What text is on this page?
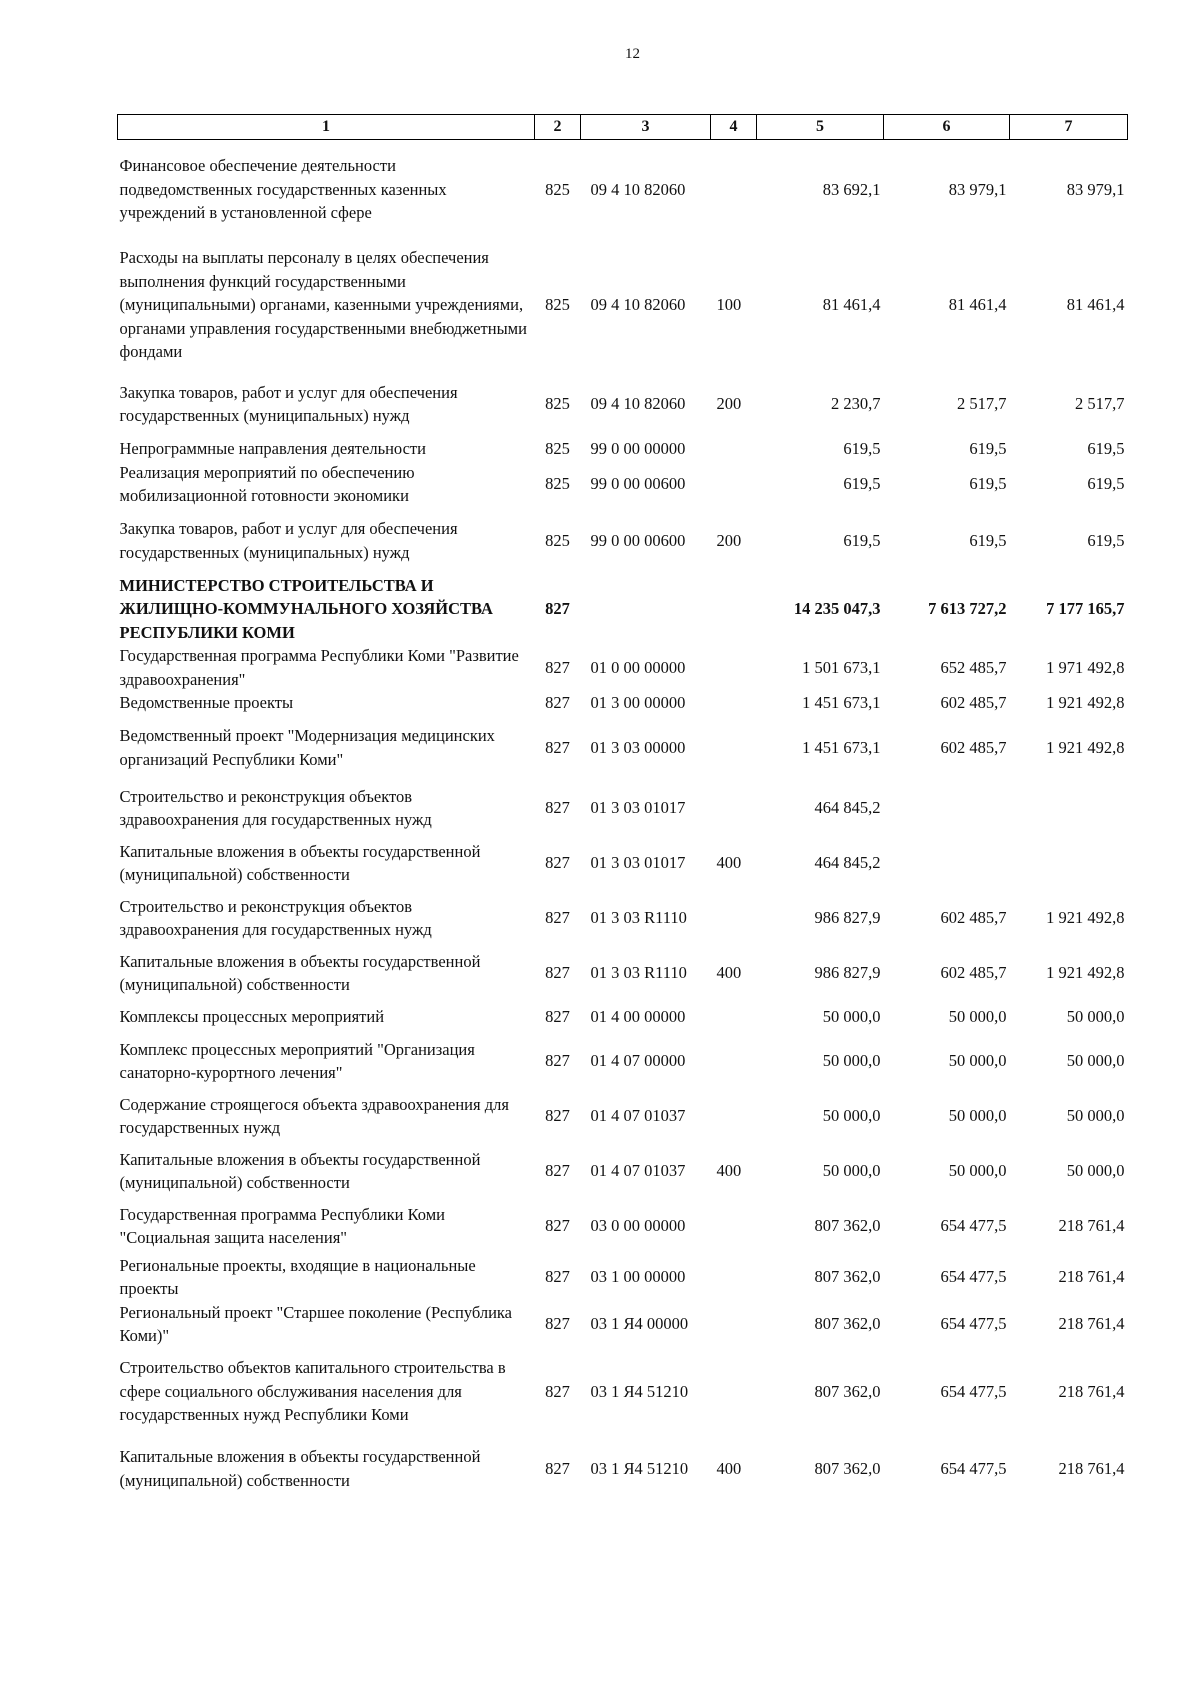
12
1	2	3	4	5	6	7
Финансовое обеспечение деятельности подведомственных государственных казенных учреждений в установленной сфере	825	09 4 10 82060		83 692,1	83 979,1	83 979,1
Расходы на выплаты персоналу в целях обеспечения выполнения функций государственными (муниципальными) органами, казенными учреждениями, органами управления государственными внебюджетными фондами	825	09 4 10 82060	100	81 461,4	81 461,4	81 461,4
Закупка товаров, работ и услуг для обеспечения государственных (муниципальных) нужд	825	09 4 10 82060	200	2 230,7	2 517,7	2 517,7
Непрограммные направления деятельности	825	99 0 00 00000		619,5	619,5	619,5
Реализация мероприятий по обеспечению мобилизационной готовности экономики	825	99 0 00 00600		619,5	619,5	619,5
Закупка товаров, работ и услуг для обеспечения государственных (муниципальных) нужд	825	99 0 00 00600	200	619,5	619,5	619,5
МИНИСТЕРСТВО СТРОИТЕЛЬСТВА И ЖИЛИЩНО-КОММУНАЛЬНОГО ХОЗЯЙСТВА РЕСПУБЛИКИ КОМИ	827			14 235 047,3	7 613 727,2	7 177 165,7
Государственная программа Республики Коми "Развитие здравоохранения"	827	01 0 00 00000		1 501 673,1	652 485,7	1 971 492,8
Ведомственные проекты	827	01 3 00 00000		1 451 673,1	602 485,7	1 921 492,8
Ведомственный проект "Модернизация медицинских организаций Республики Коми"	827	01 3 03 00000		1 451 673,1	602 485,7	1 921 492,8
Строительство и реконструкция объектов здравоохранения для государственных нужд	827	01 3 03 01017		464 845,2		
Капитальные вложения в объекты государственной (муниципальной) собственности	827	01 3 03 01017	400	464 845,2		
Строительство и реконструкция объектов здравоохранения для государственных нужд	827	01 3 03 R1110		986 827,9	602 485,7	1 921 492,8
Капитальные вложения в объекты государственной (муниципальной) собственности	827	01 3 03 R1110	400	986 827,9	602 485,7	1 921 492,8
Комплексы процессных мероприятий	827	01 4 00 00000		50 000,0	50 000,0	50 000,0
Комплекс процессных мероприятий "Организация санаторно-курортного лечения"	827	01 4 07 00000		50 000,0	50 000,0	50 000,0
Содержание строящегося объекта здравоохранения для государственных нужд	827	01 4 07 01037		50 000,0	50 000,0	50 000,0
Капитальные вложения в объекты государственной (муниципальной) собственности	827	01 4 07 01037	400	50 000,0	50 000,0	50 000,0
Государственная программа Республики Коми "Социальная защита населения"	827	03 0 00 00000		807 362,0	654 477,5	218 761,4
Региональные проекты, входящие в национальные проекты	827	03 1 00 00000		807 362,0	654 477,5	218 761,4
Региональный проект "Старшее поколение (Республика Коми)"	827	03 1 Я4 00000		807 362,0	654 477,5	218 761,4
Строительство объектов капитального строительства в сфере социального обслуживания населения для государственных нужд Республики Коми	827	03 1 Я4 51210		807 362,0	654 477,5	218 761,4
Капитальные вложения в объекты государственной (муниципальной) собственности	827	03 1 Я4 51210	400	807 362,0	654 477,5	218 761,4
